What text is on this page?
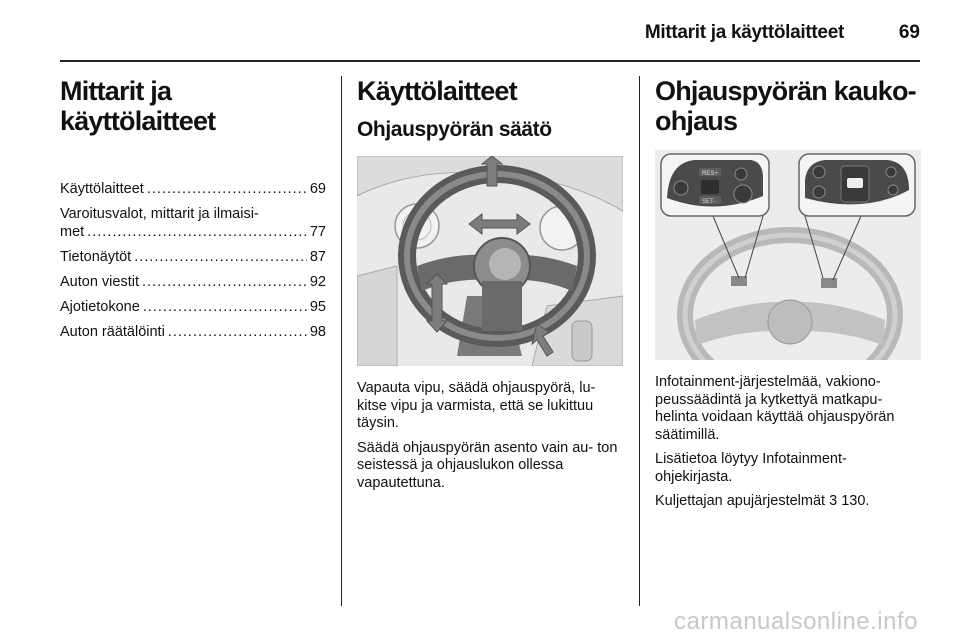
Mittarit ja käyttölaitteet	69
Mittarit ja käyttölaitteet
Käyttölaitteet .....	69
Varoitusvalot, mittarit ja ilmaisi-
met .....	77
Tietonäytöt .....	87
Auton viestit .....	92
Ajotietokone .....	95
Auton räätälöinti .....	98
Käyttölaitteet
Ohjauspyörän säätö

Vapauta vipu, säädä ohjauspyörä, lu- kitse vipu ja varmista, että se lukittuu täysin.

Säädä ohjauspyörän asento vain au- ton seistessä ja ohjauslukon ollessa vapautettuna.

Ohjauspyörän kauko-
ohjaus
RES+
SET-

Infotainment-järjestelmää, vakiono- peussäädintä ja kytkettyä matkapu- helinta voidaan käyttää ohjauspyörän säätimillä.

Lisätietoa löytyy Infotainment- ohjekirjasta.

Kuljettajan apujärjestelmät 3 130.

carmanualsonline.info
